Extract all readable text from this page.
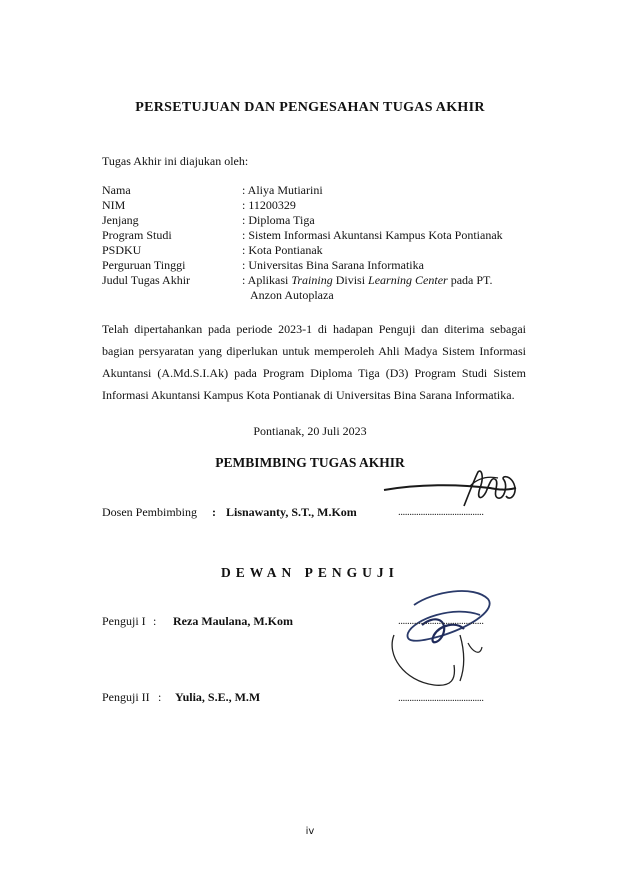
PERSETUJUAN DAN PENGESAHAN TUGAS AKHIR
Tugas Akhir ini diajukan oleh:
Nama	: Aliya Mutiarini
NIM	: 11200329
Jenjang	: Diploma Tiga
Program Studi	: Sistem Informasi Akuntansi Kampus Kota Pontianak
PSDKU	: Kota Pontianak
Perguruan Tinggi	: Universitas Bina Sarana Informatika
Judul Tugas Akhir	: Aplikasi Training Divisi Learning Center pada PT.
Anzon Autoplaza
Telah dipertahankan pada periode 2023-1 di hadapan Penguji dan diterima sebagai bagian persyaratan yang diperlukan untuk memperoleh Ahli Madya Sistem Informasi Akuntansi (A.Md.S.I.Ak) pada Program Diploma Tiga (D3) Program Studi Sistem Informasi Akuntansi Kampus Kota Pontianak di Universitas Bina Sarana Informatika.
Pontianak, 20 Juli 2023
PEMBIMBING TUGAS AKHIR
Dosen Pembimbing : Lisnawanty, S.T., M.Kom	......................................
DEWAN PENGUJI
Penguji I : Reza Maulana, M.Kom	......................................
Penguji II : Yulia, S.E., M.M	......................................
iv
